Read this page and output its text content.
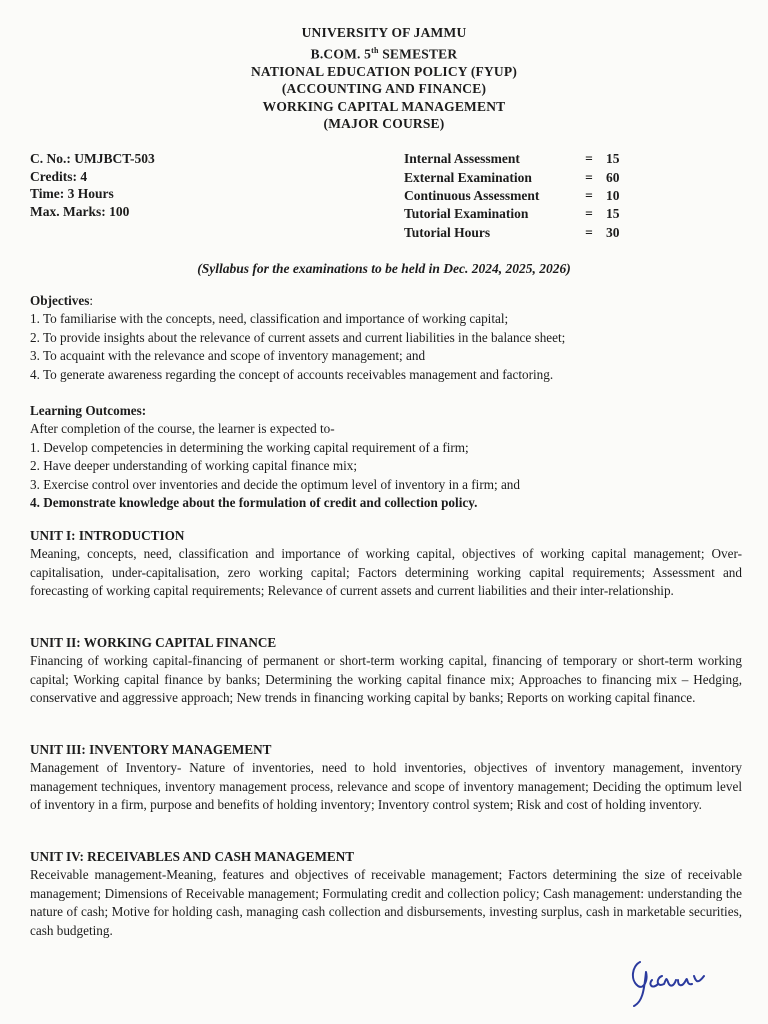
UNIVERSITY OF JAMMU
B.COM. 5th SEMESTER
NATIONAL EDUCATION POLICY (FYUP)
(ACCOUNTING AND FINANCE)
WORKING CAPITAL MANAGEMENT
(MAJOR COURSE)
C. No.: UMJBCT-503
Credits: 4
Time: 3 Hours
Max. Marks: 100
Internal Assessment	=	15
External Examination	=	60
Continuous Assessment	=	10
Tutorial Examination	=	15
Tutorial Hours	=	30
(Syllabus for the examinations to be held in Dec. 2024, 2025, 2026)
Objectives:
1. To familiarise with the concepts, need, classification and importance of working capital;
2. To provide insights about the relevance of current assets and current liabilities in the balance sheet;
3. To acquaint with the relevance and scope of inventory management; and
4. To generate awareness regarding the concept of accounts receivables management and factoring.
Learning Outcomes:
After completion of the course, the learner is expected to-
1. Develop competencies in determining the working capital requirement of a firm;
2. Have deeper understanding of working capital finance mix;
3. Exercise control over inventories and decide the optimum level of inventory in a firm; and
4. Demonstrate knowledge about the formulation of credit and collection policy.
UNIT I: INTRODUCTION
Meaning, concepts, need, classification and importance of working capital, objectives of working capital management; Over-capitalisation, under-capitalisation, zero working capital; Factors determining working capital requirements; Assessment and forecasting of working capital requirements; Relevance of current assets and current liabilities and their inter-relationship.
UNIT II: WORKING CAPITAL FINANCE
Financing of working capital-financing of permanent or short-term working capital, financing of temporary or short-term working capital; Working capital finance by banks; Determining the working capital finance mix; Approaches to financing mix – Hedging, conservative and aggressive approach; New trends in financing working capital by banks; Reports on working capital finance.
UNIT III: INVENTORY MANAGEMENT
Management of Inventory- Nature of inventories, need to hold inventories, objectives of inventory management, inventory management techniques, inventory management process, relevance and scope of inventory management; Deciding the optimum level of inventory in a firm, purpose and benefits of holding inventory; Inventory control system; Risk and cost of holding inventory.
UNIT IV: RECEIVABLES AND CASH MANAGEMENT
Receivable management-Meaning, features and objectives of receivable management; Factors determining the size of receivable management; Dimensions of Receivable management; Formulating credit and collection policy; Cash management: understanding the nature of cash; Motive for holding cash, managing cash collection and disbursements, investing surplus, cash in marketable securities, cash budgeting.
